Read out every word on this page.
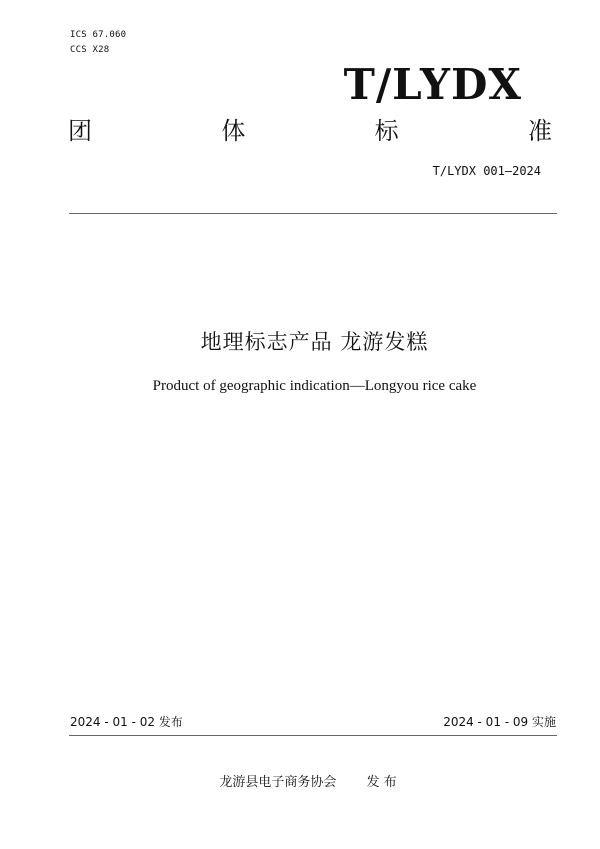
ICS 67.060
CCS X28
T/LYDX
团	体	标	准
T/LYDX 001—2024
地理标志产品 龙游发糕
Product of geographic indication—Longyou rice cake
2024 - 01 - 02 发布	2024 - 01 - 09 实施
龙游县电子商务协会 发 布
